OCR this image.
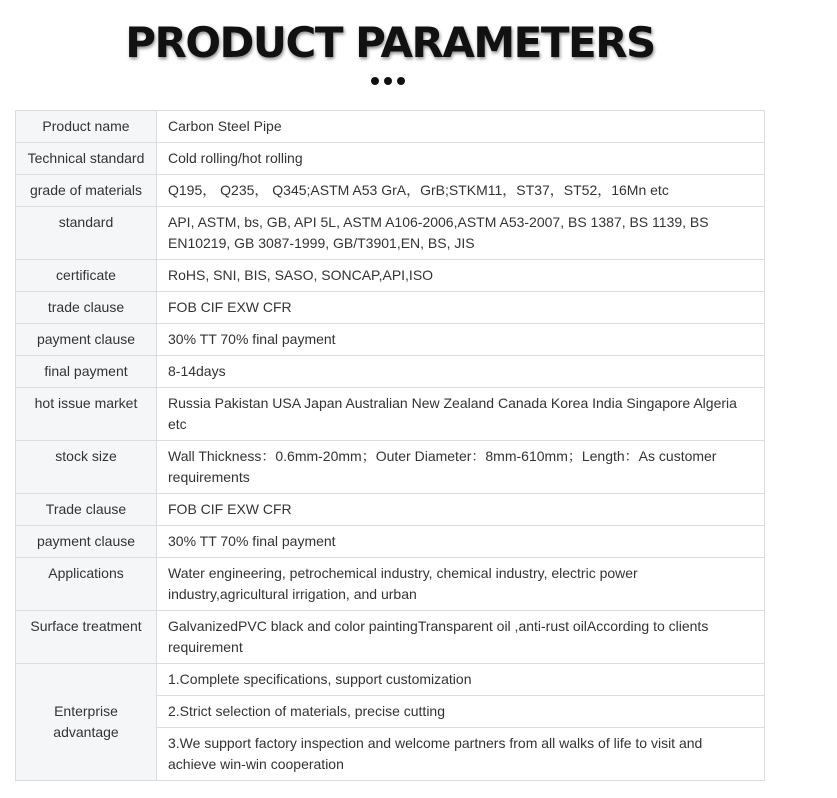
PRODUCT PARAMETERS
Product name	Carbon Steel Pipe
Technical standard	Cold rolling/hot rolling
grade of materials	Q195， Q235， Q345;ASTM A53 GrA，GrB;STKM11，ST37，ST52，16Mn etc
standard	API, ASTM, bs, GB, API 5L, ASTM A106-2006,ASTM A53-2007, BS 1387, BS 1139, BS EN10219, GB 3087-1999, GB/T3901,EN, BS, JIS
certificate	RoHS, SNI, BIS, SASO, SONCAP,API,ISO
trade clause	FOB CIF EXW CFR
payment clause	30% TT 70% final payment
final payment	8-14days
hot issue market	Russia Pakistan USA Japan Australian New Zealand Canada Korea India Singapore Algeria etc
stock size	Wall Thickness：0.6mm-20mm；Outer Diameter：8mm-610mm；Length：As customer requirements
Trade clause	FOB CIF EXW CFR
payment clause	30% TT 70% final payment
Applications	Water engineering, petrochemical industry, chemical industry, electric power industry,agricultural irrigation, and urban
Surface treatment	GalvanizedPVC black and color paintingTransparent oil ,anti-rust oilAccording to clients requirement
Enterprise advantage	1.Complete specifications, support customization
	2.Strict selection of materials, precise cutting
	3.We support factory inspection and welcome partners from all walks of life to visit and achieve win-win cooperation
